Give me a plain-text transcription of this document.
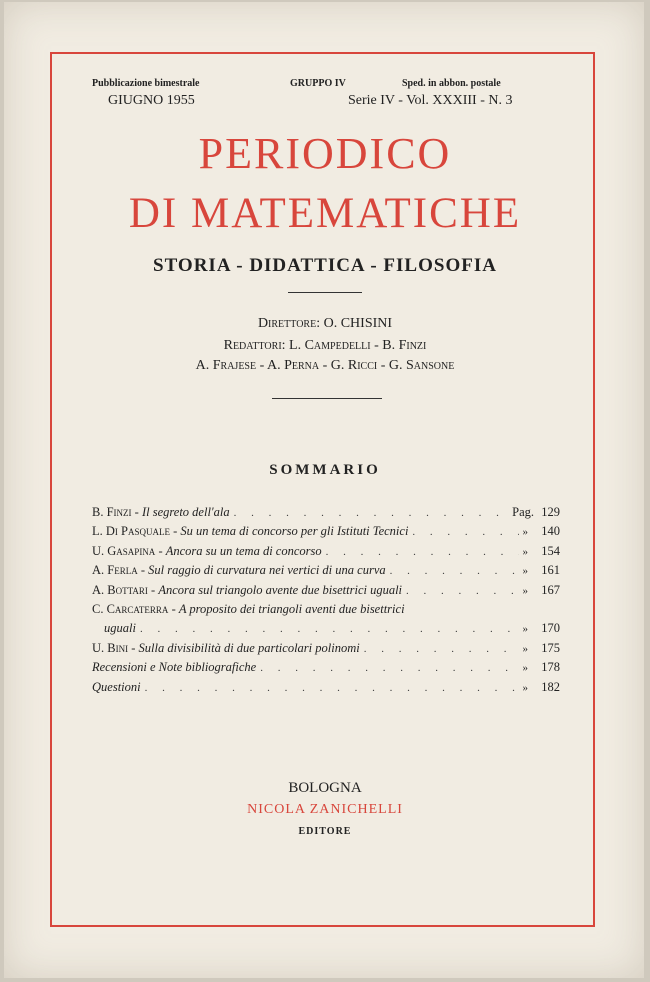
Pubblicazione bimestrale
GIUGNO 1955
GRUPPO IV	Sped. in abbon. postale
Serie IV - Vol. XXXIII - N. 3
PERIODICO
DI MATEMATICHE
STORIA - DIDATTICA - FILOSOFIA
Direttore: O. CHISINI
Redattori: L. Campedelli - B. Finzi
A. Frajese - A. Perna - G. Ricci - G. Sansone
SOMMARIO
B. Finzi - Il segreto dell'ala . . .	Pag. 129
L. Di Pasquale - Su un tema di concorso per gli Istituti Tecnici . . .	» 140
U. Gasapina - Ancora su un tema di concorso . . .	» 154
A. Ferla - Sul raggio di curvatura nei vertici di una curva . . .	» 161
A. Bottari - Ancora sul triangolo avente due bisettrici uguali . . .	» 167
C. Carcaterra - A proposito dei triangoli aventi due bisettrici
uguali . . .	» 170
U. Bini - Sulla divisibilità di due particolari polinomi . . .	» 175
Recensioni e Note bibliografiche . . .	» 178
Questioni . . .	» 182
BOLOGNA
NICOLA ZANICHELLI
EDITORE
